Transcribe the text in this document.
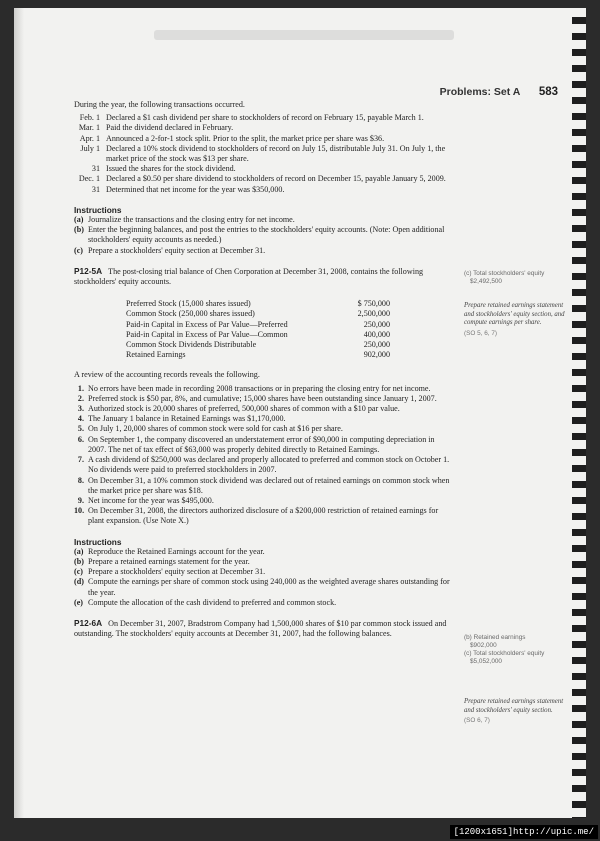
Problems: Set A 583

During the year, the following transactions occurred.

Feb. 1 Declared a $1 cash dividend per share to stockholders of record on February 15, payable March 1.
Mar. 1 Paid the dividend declared in February.
Apr. 1 Announced a 2-for-1 stock split. Prior to the split, the market price per share was $36.
July 1 Declared a 10% stock dividend to stockholders of record on July 15, distributable July 31. On July 1, the market price of the stock was $13 per share.
31 Issued the shares for the stock dividend.
Dec. 1 Declared a $0.50 per share dividend to stockholders of record on December 15, payable January 5, 2009.
31 Determined that net income for the year was $350,000.
Instructions
(a) Journalize the transactions and the closing entry for net income.
(b) Enter the beginning balances, and post the entries to the stockholders' equity accounts. (Note: Open additional stockholders' equity accounts as needed.)
(c) Prepare a stockholders' equity section at December 31.

P12-5A The post-closing trial balance of Chen Corporation at December 31, 2008, contains the following stockholders' equity accounts.

Preferred Stock (15,000 shares issued)	$ 750,000
Common Stock (250,000 shares issued)	2,500,000
Paid-in Capital in Excess of Par Value—Preferred	250,000
Paid-in Capital in Excess of Par Value—Common	400,000
Common Stock Dividends Distributable	250,000
Retained Earnings	902,000

A review of the accounting records reveals the following.

1. No errors have been made in recording 2008 transactions or in preparing the closing entry for net income.
2. Preferred stock is $50 par, 8%, and cumulative; 15,000 shares have been outstanding since January 1, 2007.
3. Authorized stock is 20,000 shares of preferred, 500,000 shares of common with a $10 par value.
4. The January 1 balance in Retained Earnings was $1,170,000.
5. On July 1, 20,000 shares of common stock were sold for cash at $16 per share.
6. On September 1, the company discovered an understatement error of $90,000 in computing depreciation in 2007. The net of tax effect of $63,000 was properly debited directly to Retained Earnings.
7. A cash dividend of $250,000 was declared and properly allocated to preferred and common stock on October 1. No dividends were paid to preferred stockholders in 2007.
8. On December 31, a 10% common stock dividend was declared out of retained earnings on common stock when the market price per share was $18.
9. Net income for the year was $495,000.
10. On December 31, 2008, the directors authorized disclosure of a $200,000 restriction of retained earnings for plant expansion. (Use Note X.)
Instructions
(a) Reproduce the Retained Earnings account for the year.
(b) Prepare a retained earnings statement for the year.
(c) Prepare a stockholders' equity section at December 31.
(d) Compute the earnings per share of common stock using 240,000 as the weighted average shares outstanding for the year.
(e) Compute the allocation of the cash dividend to preferred and common stock.

P12-6A On December 31, 2007, Bradstrom Company had 1,500,000 shares of $10 par common stock issued and outstanding. The stockholders' equity accounts at December 31, 2007, had the following balances.

(c) Total stockholders' equity
$2,492,500
Prepare retained earnings statement and stockholders' equity section, and compute earnings per share.
(SO 5, 6, 7)
(b) Retained earnings
$902,000
(c) Total stockholders' equity
$5,052,000
Prepare retained earnings statement and stockholders' equity section.
(SO 6, 7)
[1200x1651]http://upic.me/
